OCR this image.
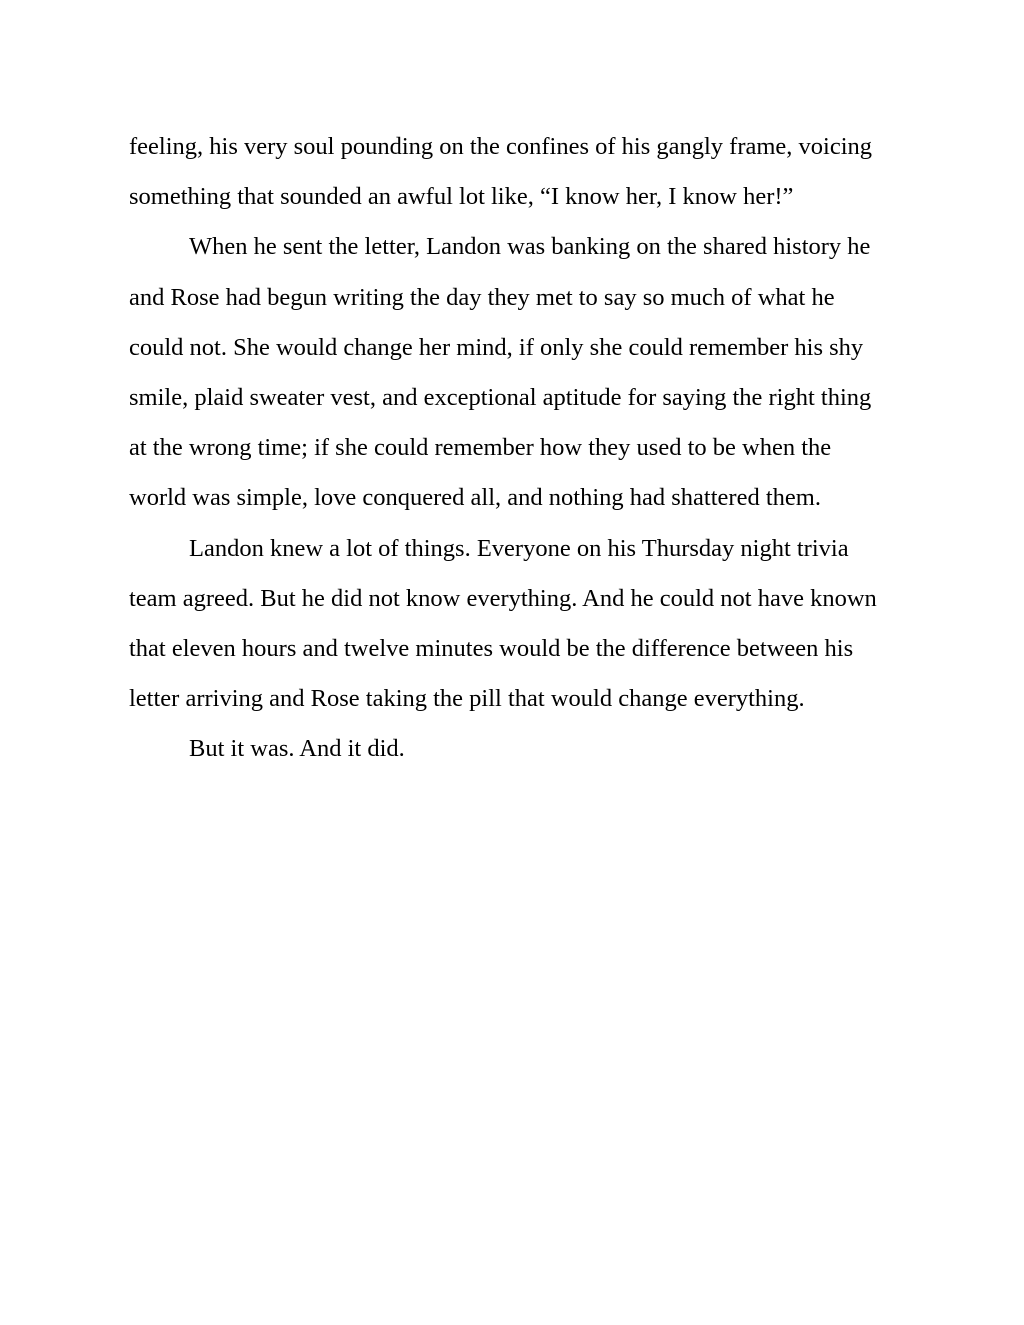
feeling, his very soul pounding on the confines of his gangly frame, voicing
something that sounded an awful lot like, “I know her, I know her!”
When he sent the letter, Landon was banking on the shared history he
and Rose had begun writing the day they met to say so much of what he
could not. She would change her mind, if only she could remember his shy
smile, plaid sweater vest, and exceptional aptitude for saying the right thing
at the wrong time; if she could remember how they used to be when the
world was simple, love conquered all, and nothing had shattered them.
Landon knew a lot of things. Everyone on his Thursday night trivia
team agreed. But he did not know everything. And he could not have known
that eleven hours and twelve minutes would be the difference between his
letter arriving and Rose taking the pill that would change everything.
But it was. And it did.
